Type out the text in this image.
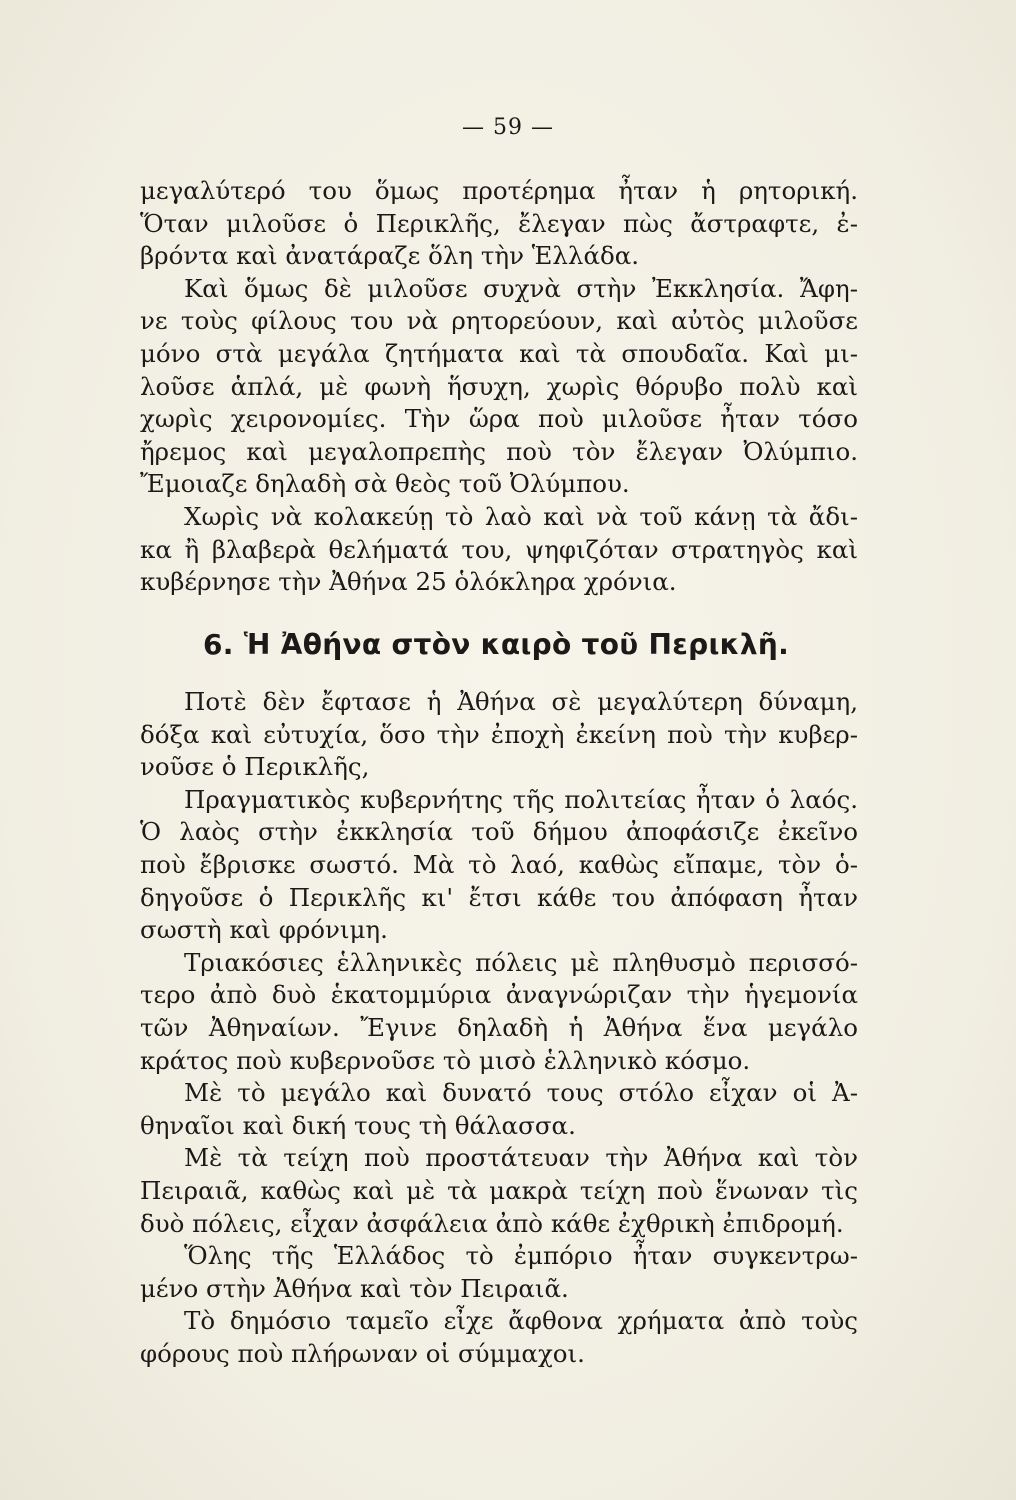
— 59 —
μεγαλύτερό του ὅμως προτέρημα ἦταν ἡ ρητορική.
Ὅταν μιλοῦσε ὁ Περικλῆς, ἔλεγαν πὼς ἄστραφτε, ἐ-
βρόντα καὶ ἀνατάραζε ὅλη τὴν Ἑλλάδα.
Καὶ ὅμως δὲ μιλοῦσε συχνὰ στὴν Ἐκκλησία. Ἄφη-
νε τοὺς φίλους του νὰ ρητορεύουν, καὶ αὐτὸς μιλοῦσε
μόνο στὰ μεγάλα ζητήματα καὶ τὰ σπουδαῖα. Καὶ μι-
λοῦσε ἁπλά, μὲ φωνὴ ἥσυχη, χωρὶς θόρυβο πολὺ καὶ
χωρὶς χειρονομίες. Τὴν ὥρα ποὺ μιλοῦσε ἦταν τόσο
ἤρεμος καὶ μεγαλοπρεπὴς ποὺ τὸν ἔλεγαν Ὀλύμπιο.
Ἔμοιαζε δηλαδὴ σὰ θεὸς τοῦ Ὀλύμπου.
Χωρὶς νὰ κολακεύῃ τὸ λαὸ καὶ νὰ τοῦ κάνῃ τὰ ἄδι-
κα ἢ βλαβερὰ θελήματά του, ψηφιζόταν στρατηγὸς καὶ
κυβέρνησε τὴν Ἀθήνα 25 ὁλόκληρα χρόνια.
6. Ἡ Ἀθήνα στὸν καιρὸ τοῦ Περικλῆ.
Ποτὲ δὲν ἔφτασε ἡ Ἀθήνα σὲ μεγαλύτερη δύναμη,
δόξα καὶ εὐτυχία, ὅσο τὴν ἐποχὴ ἐκείνη ποὺ τὴν κυβερ-
νοῦσε ὁ Περικλῆς,
Πραγματικὸς κυβερνήτης τῆς πολιτείας ἦταν ὁ λαός.
Ὁ λαὸς στὴν ἐκκλησία τοῦ δήμου ἀποφάσιζε ἐκεῖνο
ποὺ ἔβρισκε σωστό. Μὰ τὸ λαό, καθὼς εἴπαμε, τὸν ὁ-
δηγοῦσε ὁ Περικλῆς κι' ἔτσι κάθε του ἀπόφαση ἦταν
σωστὴ καὶ φρόνιμη.
Τριακόσιες ἑλληνικὲς πόλεις μὲ πληθυσμὸ περισσό-
τερο ἀπὸ δυὸ ἑκατομμύρια ἀναγνώριζαν τὴν ἡγεμονία
τῶν Ἀθηναίων. Ἔγινε δηλαδὴ ἡ Ἀθήνα ἕνα μεγάλο
κράτος ποὺ κυβερνοῦσε τὸ μισὸ ἑλληνικὸ κόσμο.
Μὲ τὸ μεγάλο καὶ δυνατό τους στόλο εἶχαν οἱ Ἀ-
θηναῖοι καὶ δική τους τὴ θάλασσα.
Μὲ τὰ τείχη ποὺ προστάτευαν τὴν Ἀθήνα καὶ τὸν
Πειραιᾶ, καθὼς καὶ μὲ τὰ μακρὰ τείχη ποὺ ἕνωναν τὶς
δυὸ πόλεις, εἶχαν ἀσφάλεια ἀπὸ κάθε ἐχθρικὴ ἐπιδρομή.
Ὅλης τῆς Ἑλλάδος τὸ ἐμπόριο ἦταν συγκεντρω-
μένο στὴν Ἀθήνα καὶ τὸν Πειραιᾶ.
Τὸ δημόσιο ταμεῖο εἶχε ἄφθονα χρήματα ἀπὸ τοὺς
φόρους ποὺ πλήρωναν οἱ σύμμαχοι.
